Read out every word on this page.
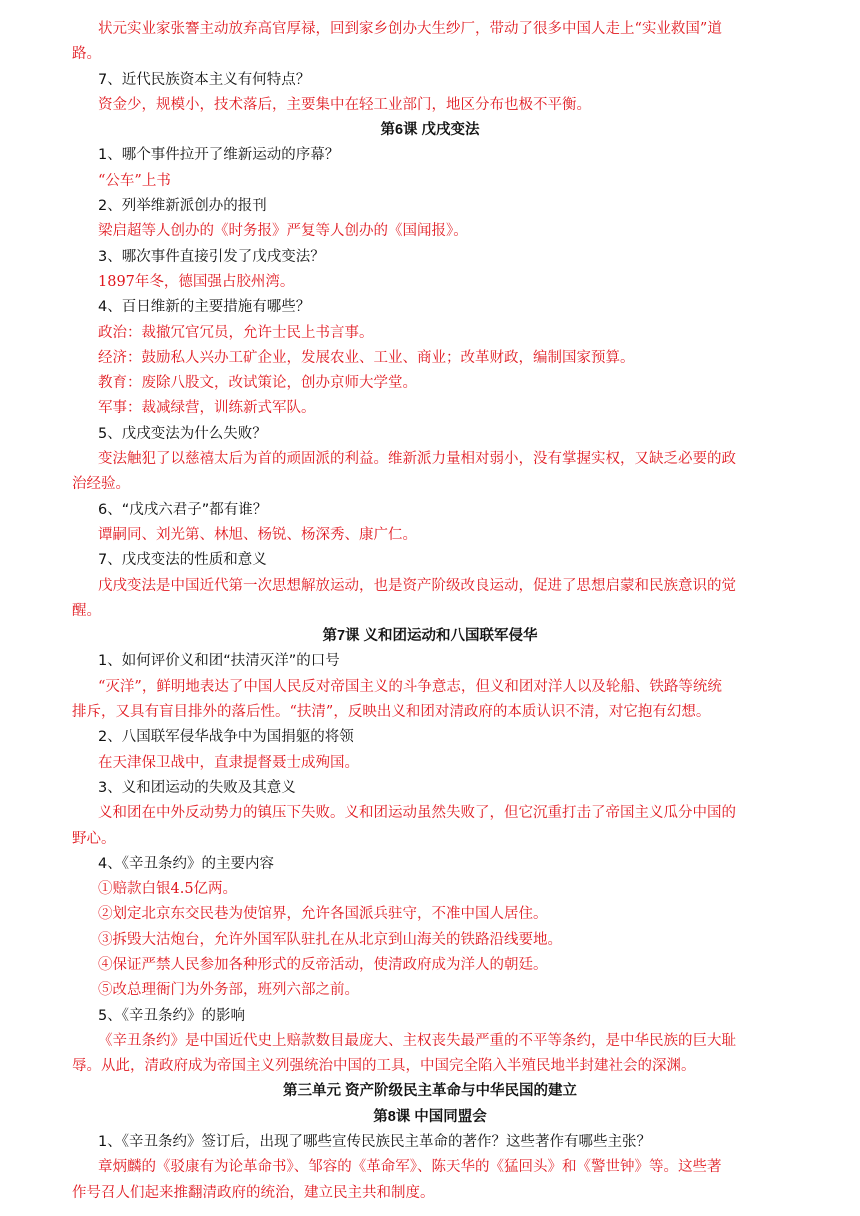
状元实业家张謇主动放弃高官厚禄，回到家乡创办大生纱厂，带动了很多中国人走上“实业救国”道
路。
7、近代民族资本主义有何特点？
资金少，规模小，技术落后，主要集中在轻工业部门，地区分布也极不平衡。
第6课 戊戌变法
1、哪个事件拉开了维新运动的序幕？
“公车”上书
2、列举维新派创办的报刊
梁启超等人创办的《时务报》严复等人创办的《国闻报》。
3、哪次事件直接引发了戊戌变法？
1897年冬，德国强占胶州湾。
4、百日维新的主要措施有哪些？
政治：裁撤冗官冗员，允许士民上书言事。
经济：鼓励私人兴办工矿企业，发展农业、工业、商业；改革财政，编制国家预算。
教育：废除八股文，改试策论，创办京师大学堂。
军事：裁减绿营，训练新式军队。
5、戊戌变法为什么失败？
变法触犯了以慈禧太后为首的顽固派的利益。维新派力量相对弱小，没有掌握实权，又缺乏必要的政
治经验。
6、“戊戌六君子”都有谁？
谭嗣同、刘光第、林旭、杨锐、杨深秀、康广仁。
7、戊戌变法的性质和意义
戊戌变法是中国近代第一次思想解放运动，也是资产阶级改良运动，促进了思想启蒙和民族意识的觉
醒。
第7课 义和团运动和八国联军侵华
1、如何评价义和团“扶清灭洋”的口号
“灭洋”，鲜明地表达了中国人民反对帝国主义的斗争意志，但义和团对洋人以及轮船、铁路等统统
排斥，又具有盲目排外的落后性。“扶清”，反映出义和团对清政府的本质认识不清，对它抱有幻想。
2、八国联军侵华战争中为国捐躯的将领
在天津保卫战中，直隶提督聂士成殉国。
3、义和团运动的失败及其意义
义和团在中外反动势力的镇压下失败。义和团运动虽然失败了，但它沉重打击了帝国主义瓜分中国的
野心。
4、《辛丑条约》的主要内容
①赔款白银4.5亿两。
②划定北京东交民巷为使馆界，允许各国派兵驻守，不准中国人居住。
③拆毁大沽炮台，允许外国军队驻扎在从北京到山海关的铁路沿线要地。
④保证严禁人民参加各种形式的反帝活动，使清政府成为洋人的朝廷。
⑤改总理衙门为外务部，班列六部之前。
5、《辛丑条约》的影响
《辛丑条约》是中国近代史上赔款数目最庞大、主权丧失最严重的不平等条约，是中华民族的巨大耻
辱。从此，清政府成为帝国主义列强统治中国的工具，中国完全陷入半殖民地半封建社会的深渊。
第三单元 资产阶级民主革命与中华民国的建立
第8课 中国同盟会
1、《辛丑条约》签订后，出现了哪些宣传民族民主革命的著作？这些著作有哪些主张？
章炳麟的《驳康有为论革命书》、邹容的《革命军》、陈天华的《猛回头》和《警世钟》等。这些著
作号召人们起来推翻清政府的统治，建立民主共和制度。
